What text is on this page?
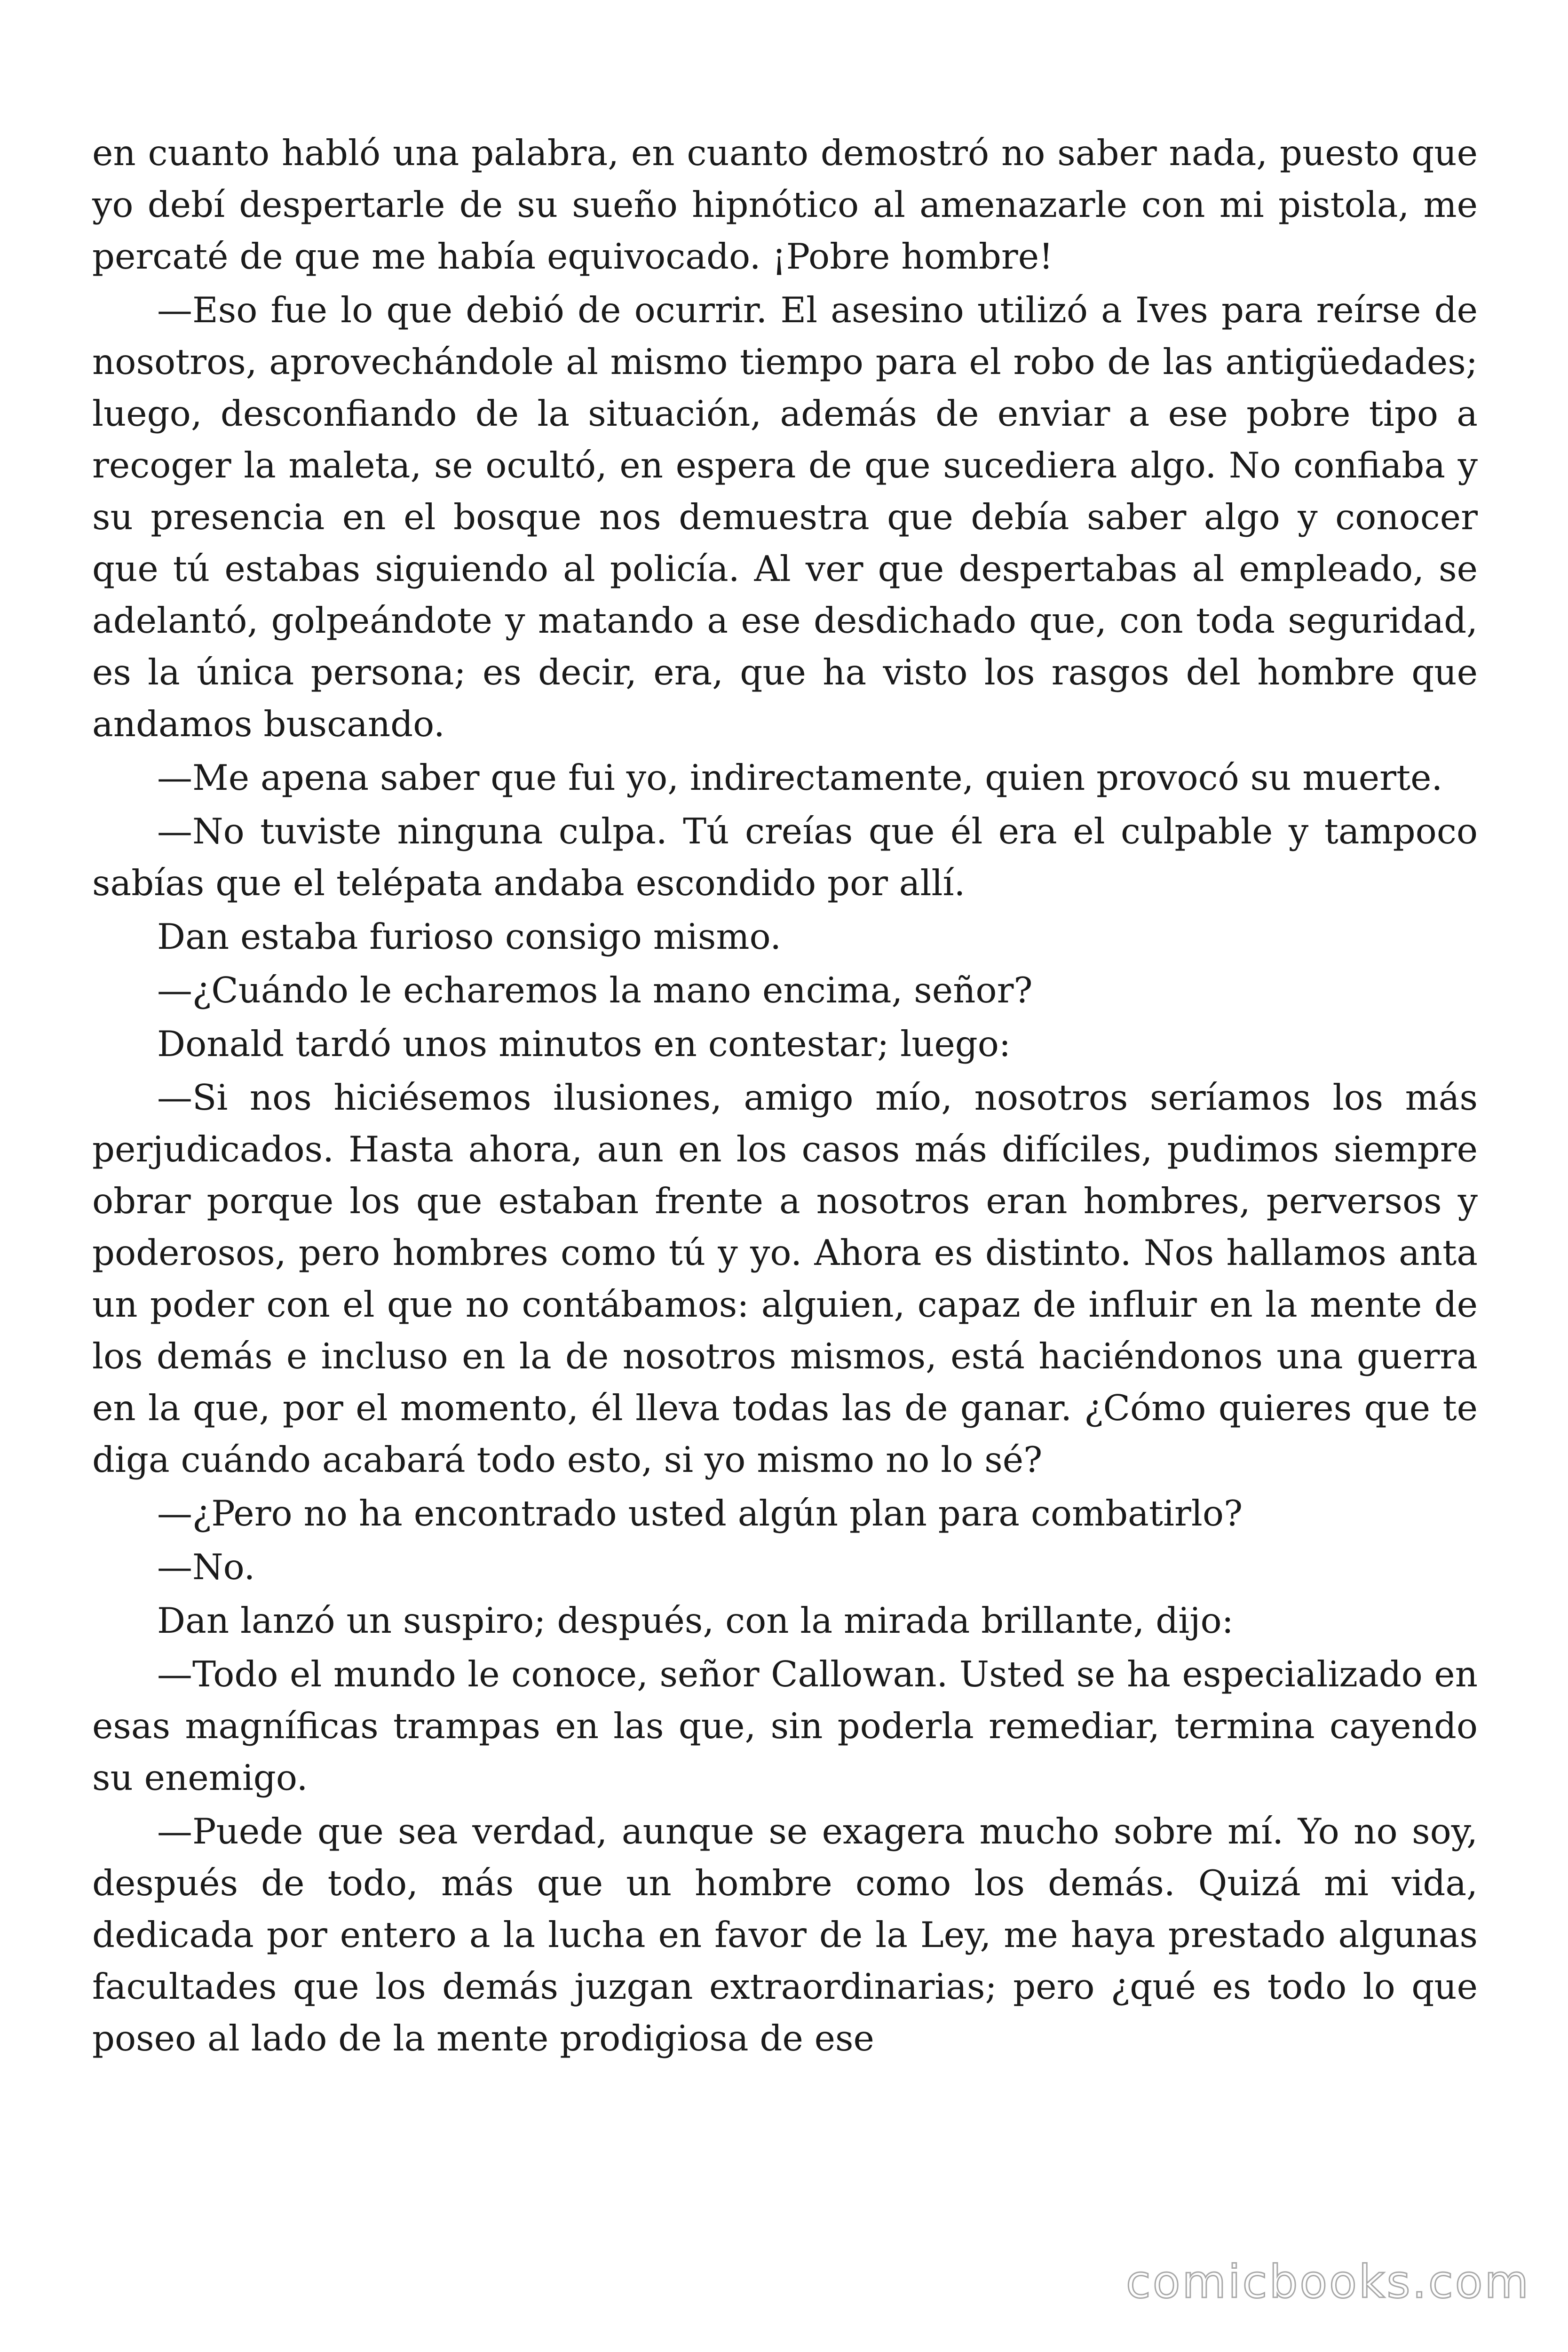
en cuanto habló una palabra, en cuanto demostró no saber nada, puesto que yo debí despertarle de su sueño hipnótico al amenazarle con mi pistola, me percaté de que me había equivocado. ¡Pobre hombre!

—Eso fue lo que debió de ocurrir. El asesino utilizó a Ives para reírse de nosotros, aprovechándole al mismo tiempo para el robo de las antigüedades; luego, desconfiando de la situación, además de enviar a ese pobre tipo a recoger la maleta, se ocultó, en espera de que sucediera algo. No confiaba y su presencia en el bosque nos demuestra que debía saber algo y conocer que tú estabas siguiendo al policía. Al ver que despertabas al empleado, se adelantó, golpeándote y matando a ese desdichado que, con toda seguridad, es la única persona; es decir, era, que ha visto los rasgos del hombre que andamos buscando.

—Me apena saber que fui yo, indirectamente, quien provocó su muerte.

—No tuviste ninguna culpa. Tú creías que él era el culpable y tampoco sabías que el telépata andaba escondido por allí.

Dan estaba furioso consigo mismo.

—¿Cuándo le echaremos la mano encima, señor?

Donald tardó unos minutos en contestar; luego:

—Si nos hiciésemos ilusiones, amigo mío, nosotros seríamos los más perjudicados. Hasta ahora, aun en los casos más difíciles, pudimos siempre obrar porque los que estaban frente a nosotros eran hombres, perversos y poderosos, pero hombres como tú y yo. Ahora es distinto. Nos hallamos anta un poder con el que no contábamos: alguien, capaz de influir en la mente de los demás e incluso en la de nosotros mismos, está haciéndonos una guerra en la que, por el momento, él lleva todas las de ganar. ¿Cómo quieres que te diga cuándo acabará todo esto, si yo mismo no lo sé?

—¿Pero no ha encontrado usted algún plan para combatirlo?

—No.

Dan lanzó un suspiro; después, con la mirada brillante, dijo:

—Todo el mundo le conoce, señor Callowan. Usted se ha especializado en esas magníficas trampas en las que, sin poderla remediar, termina cayendo su enemigo.

—Puede que sea verdad, aunque se exagera mucho sobre mí. Yo no soy, después de todo, más que un hombre como los demás. Quizá mi vida, dedicada por entero a la lucha en favor de la Ley, me haya prestado algunas facultades que los demás juzgan extraordinarias; pero ¿qué es todo lo que poseo al lado de la mente prodigiosa de ese

comicbooks.com
